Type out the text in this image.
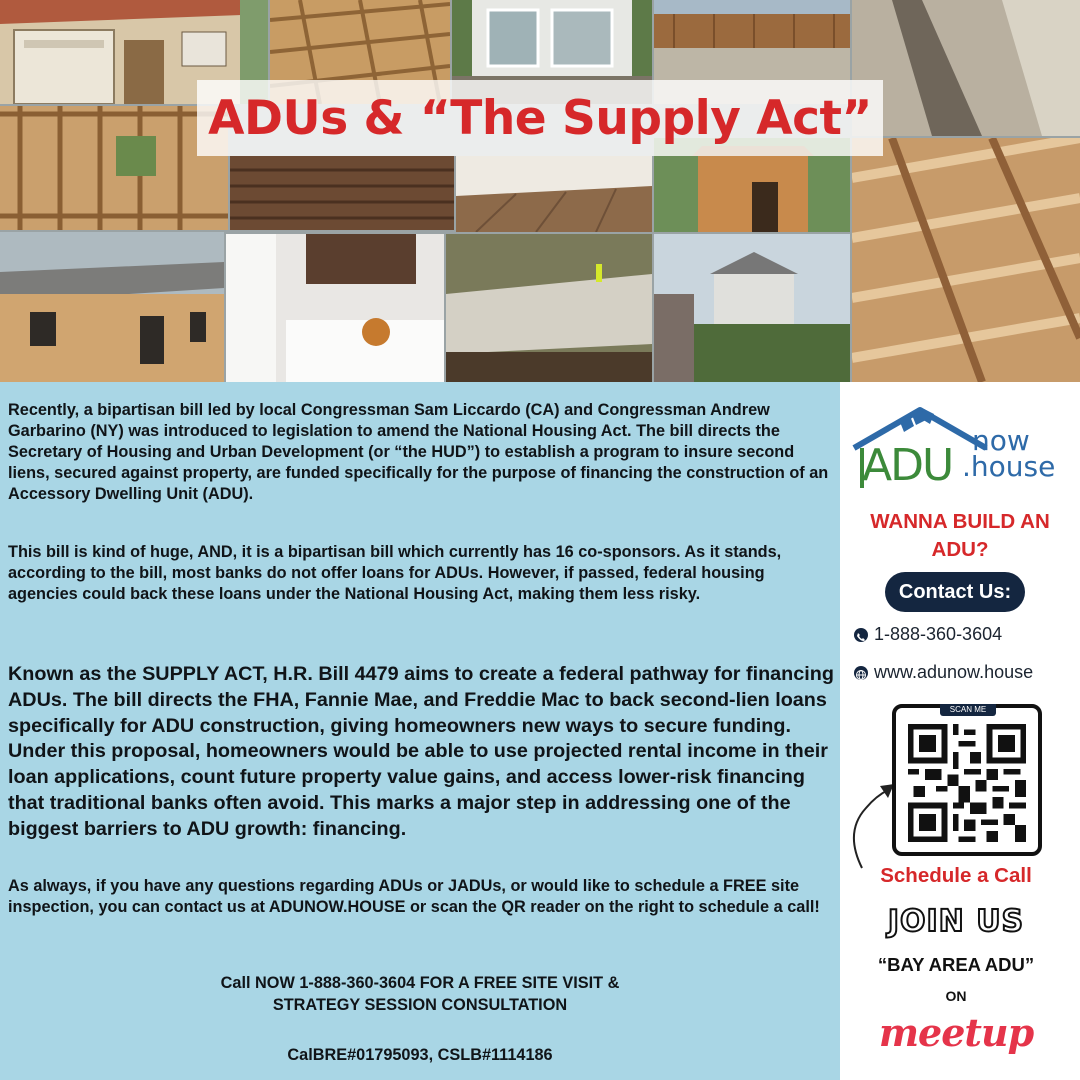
ADUs & “The Supply Act”

Recently, a bipartisan bill led by local Congressman Sam Liccardo (CA) and Congressman Andrew Garbarino (NY) was introduced to legislation to amend the National Housing Act. The bill directs the Secretary of Housing and Urban Development (or “the HUD”) to establish a program to insure second liens, secured against property, are funded specifically for the purpose of financing the construction of an Accessory Dwelling Unit (ADU).

This bill is kind of huge, AND, it is a bipartisan bill which currently has 16 co-sponsors. As it stands, according to the bill, most banks do not offer loans for ADUs. However, if passed, federal housing agencies could back these loans under the National Housing Act, making them less risky.

Known as the SUPPLY ACT, H.R. Bill 4479 aims to create a federal pathway for financing ADUs. The bill directs the FHA, Fannie Mae, and Freddie Mac to back second-lien loans specifically for ADU construction, giving homeowners new ways to secure funding. Under this proposal, homeowners would be able to use projected rental income in their loan applications, count future property value gains, and access lower-risk financing that traditional banks often avoid. This marks a major step in addressing one of the biggest barriers to ADU growth: financing.

As always, if you have any questions regarding ADUs or JADUs, or would like to schedule a FREE site inspection, you can contact us at ADUNOW.HOUSE or scan the QR reader on the right to schedule a call!

Call NOW 1-888-360-3604 FOR A FREE SITE VISIT &
STRATEGY SESSION CONSULTATION
CalBRE#01795093, CSLB#1114186
ADU now
.house
WANNA BUILD AN
ADU?
Contact Us:
1-888-360-3604
www.adunow.house
SCAN ME
Schedule a Call
JOIN US
“BAY AREA ADU”
ON
meetup
